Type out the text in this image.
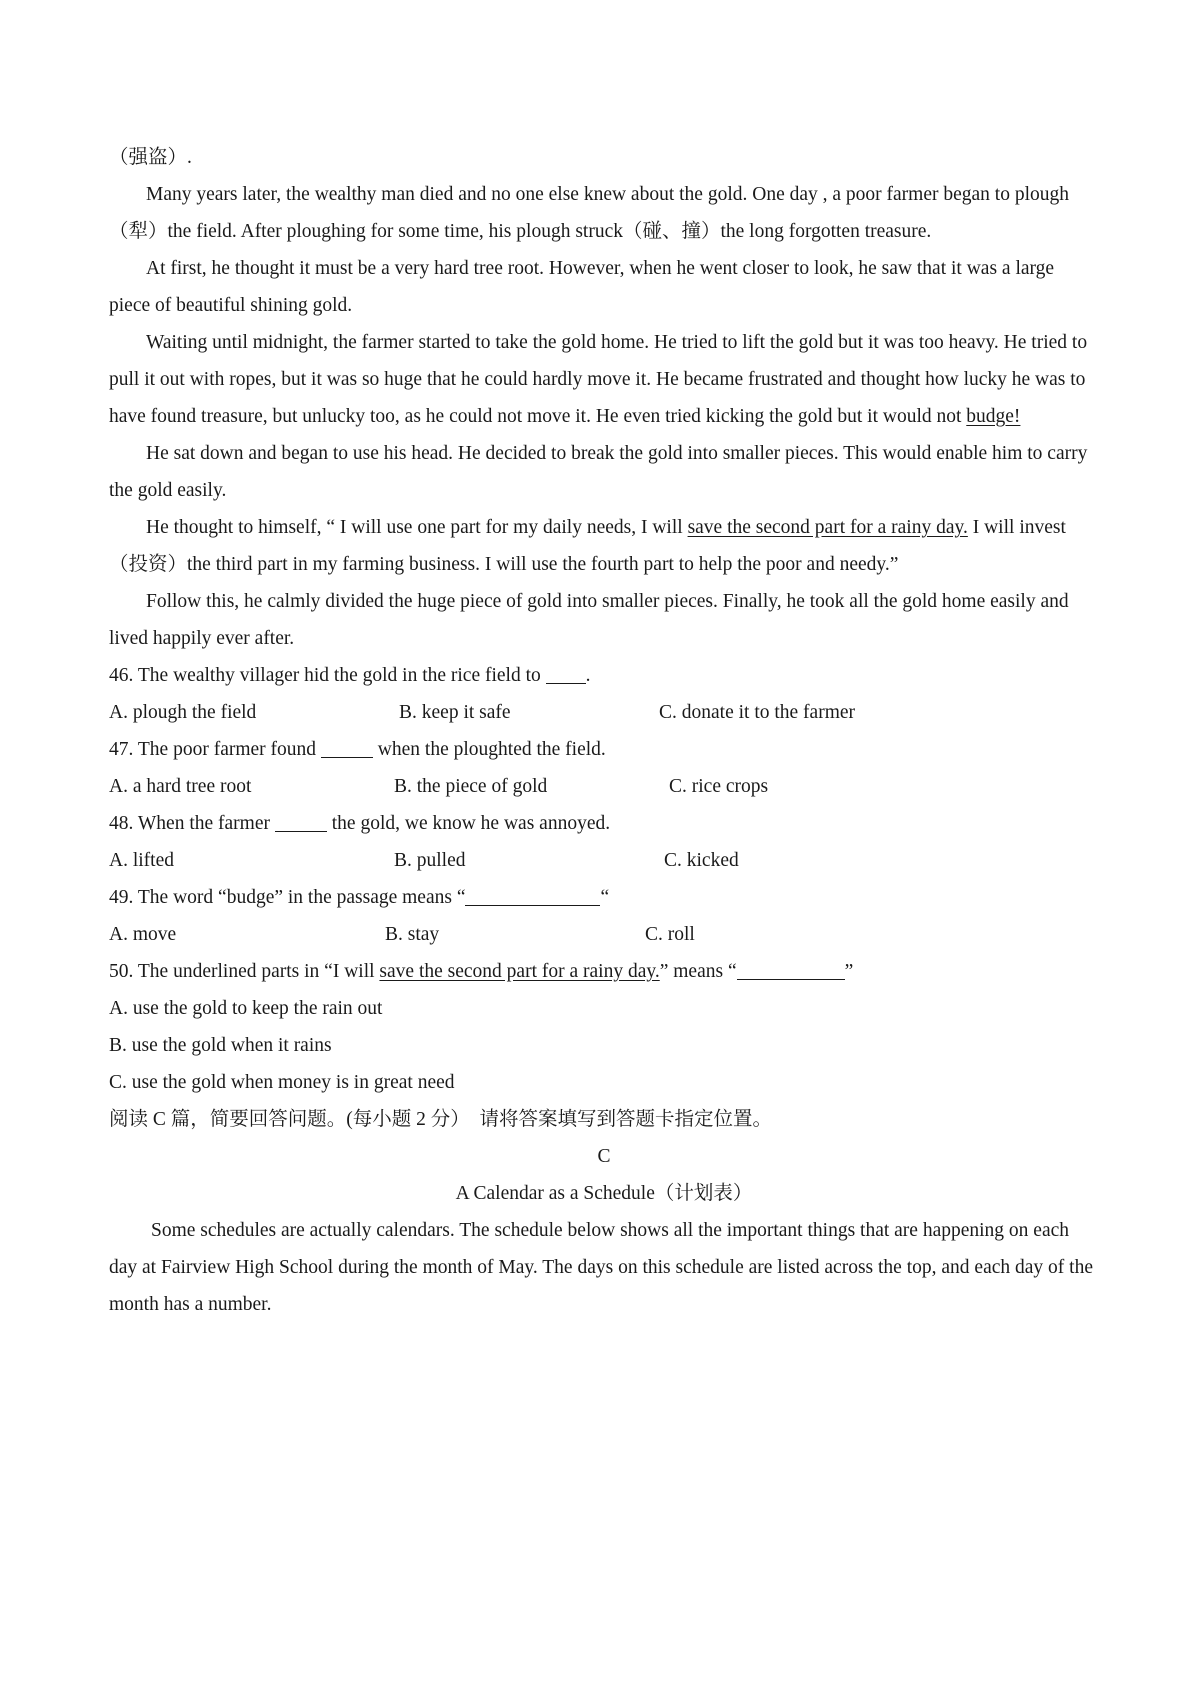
（强盗）.

Many years later, the wealthy man died and no one else knew about the gold. One day , a poor farmer began to plough（犁）the field. After ploughing for some time, his plough struck（碰、撞）the long forgotten treasure.

At first, he thought it must be a very hard tree root. However, when he went closer to look, he saw that it was a large piece of beautiful shining gold.

Waiting until midnight, the farmer started to take the gold home. He tried to lift the gold but it was too heavy. He tried to pull it out with ropes, but it was so huge that he could hardly move it. He became frustrated and thought how lucky he was to have found treasure, but unlucky too, as he could not move it. He even tried kicking the gold but it would not budge!

He sat down and began to use his head. He decided to break the gold into smaller pieces. This would enable him to carry the gold easily.

He thought to himself, “ I will use one part for my daily needs, I will save the second part for a rainy day. I will invest（投资）the third part in my farming business. I will use the fourth part to help the poor and needy.”

Follow this, he calmly divided the huge piece of gold into smaller pieces. Finally, he took all the gold home easily and lived happily ever after.

46. The wealthy villager hid the gold in the rice field to .

A. plough the field	B. keep it safe	C. donate it to the farmer

47. The poor farmer found	when the ploughted the field.

A. a hard tree root	B. the piece of gold	C. rice crops

48. When the farmer	the gold, we know he was annoyed.

A. lifted	B. pulled	C. kicked

49. The word “budge” in the passage means “	“

A. move	B. stay	C. roll

50. The underlined parts in “I will save the second part for a rainy day.” means “	”

A. use the gold to keep the rain out

B. use the gold when it rains

C. use the gold when money is in great need

阅读 C 篇，简要回答问题。(每小题 2 分）  请将答案填写到答题卡指定位置。

C

A Calendar as a Schedule（计划表）

Some schedules are actually calendars. The schedule below shows all the important things that are happening on each day at Fairview High School during the month of May. The days on this schedule are listed across the top, and each day of the month has a number.
